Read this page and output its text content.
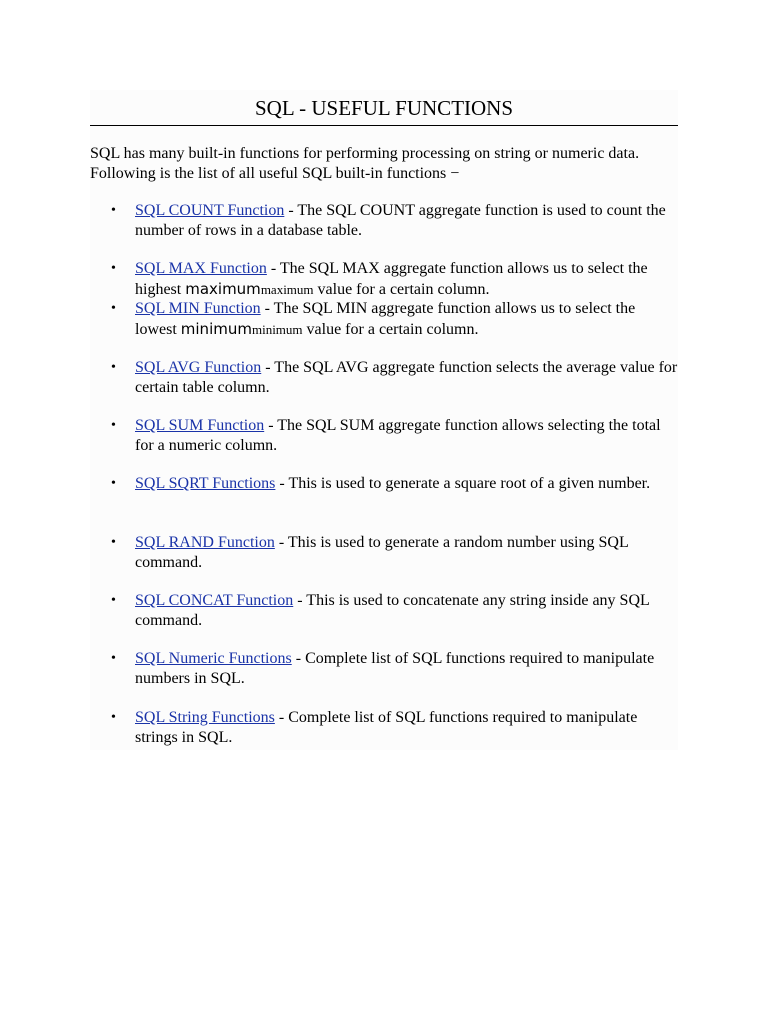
SQL - USEFUL FUNCTIONS

SQL has many built-in functions for performing processing on string or numeric data. Following is the list of all useful SQL built-in functions −

• SQL COUNT Function - The SQL COUNT aggregate function is used to count the number of rows in a database table.
• SQL MAX Function - The SQL MAX aggregate function allows us to select the highest maximummaximum value for a certain column.
• SQL MIN Function - The SQL MIN aggregate function allows us to select the lowest minimumminimum value for a certain column.
• SQL AVG Function - The SQL AVG aggregate function selects the average value for certain table column.
• SQL SUM Function - The SQL SUM aggregate function allows selecting the total for a numeric column.
• SQL SQRT Functions - This is used to generate a square root of a given number.
• SQL RAND Function - This is used to generate a random number using SQL command.
• SQL CONCAT Function - This is used to concatenate any string inside any SQL command.
• SQL Numeric Functions - Complete list of SQL functions required to manipulate numbers in SQL.
• SQL String Functions - Complete list of SQL functions required to manipulate strings in SQL.
